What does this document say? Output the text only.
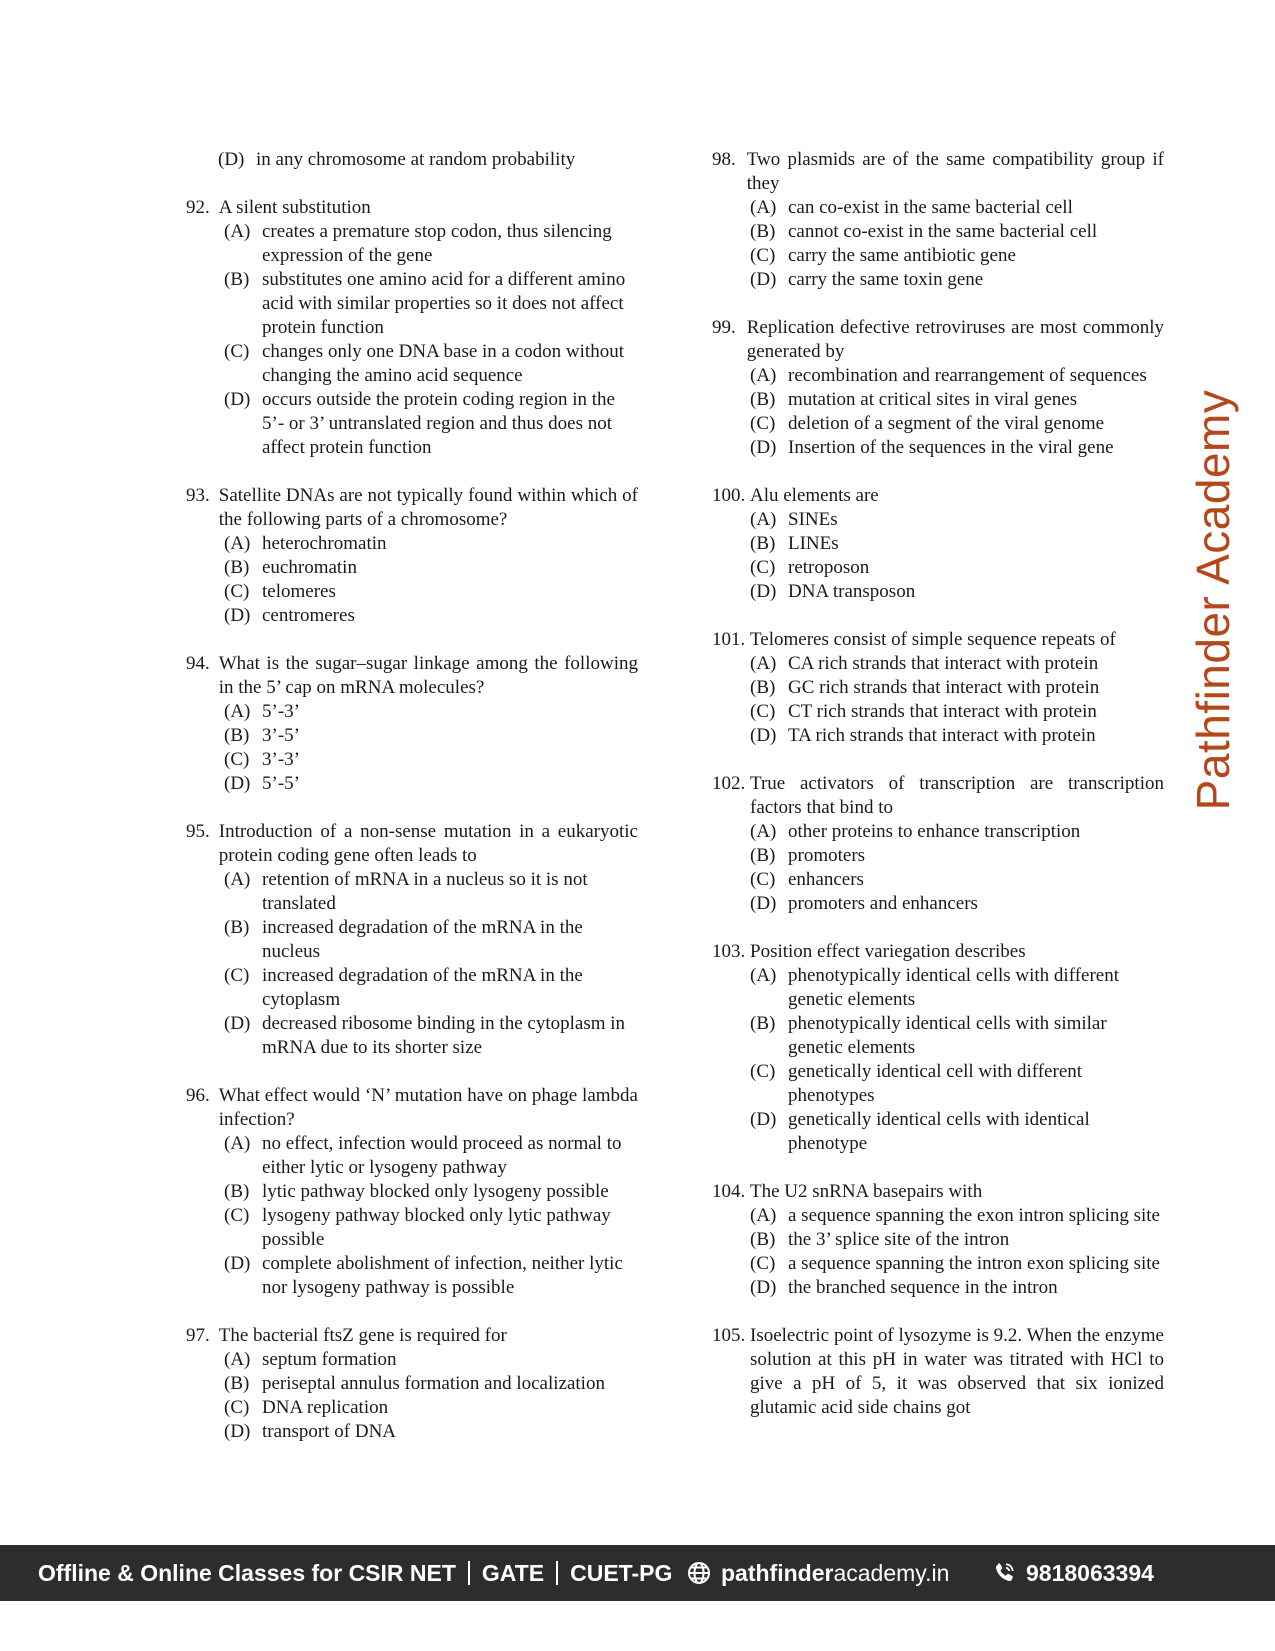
(D) in any chromosome at random probability
92.
A silent substitution
(A) creates a premature stop codon, thus silencing expression of the gene
(B) substitutes one amino acid for a different amino acid with similar properties so it does not affect protein function
(C) changes only one DNA base in a codon without changing the amino acid sequence
(D) occurs outside the protein coding region in the 5’- or 3’ untranslated region and thus does not affect protein function
93.
Satellite DNAs are not typically found within which of the following parts of a chromosome?
(A) heterochromatin
(B) euchromatin
(C) telomeres
(D) centromeres
94.
What is the sugar–sugar linkage among the following in the 5’ cap on mRNA molecules?
(A) 5’-3’
(B) 3’-5’
(C) 3’-3’
(D) 5’-5’
95.
Introduction of a non-sense mutation in a eukaryotic protein coding gene often leads to
(A) retention of mRNA in a nucleus so it is not translated
(B) increased degradation of the mRNA in the nucleus
(C) increased degradation of the mRNA in the cytoplasm
(D) decreased ribosome binding in the cytoplasm in mRNA due to its shorter size
96.
What effect would ‘N’ mutation have on phage lambda infection?
(A) no effect, infection would proceed as normal to either lytic or lysogeny pathway
(B) lytic pathway blocked only lysogeny possible
(C) lysogeny pathway blocked only lytic pathway possible
(D) complete abolishment of infection, neither lytic nor lysogeny pathway is possible
97.
The bacterial ftsZ gene is required for
(A) septum formation
(B) periseptal annulus formation and localization
(C) DNA replication
(D) transport of DNA
98.
Two plasmids are of the same compatibility group if they
(A) can co-exist in the same bacterial cell
(B) cannot co-exist in the same bacterial cell
(C) carry the same antibiotic gene
(D) carry the same toxin gene
99.
Replication defective retroviruses are most commonly generated by
(A) recombination and rearrangement of sequences
(B) mutation at critical sites in viral genes
(C) deletion of a segment of the viral genome
(D) Insertion of the sequences in the viral gene
100.
Alu elements are
(A) SINEs
(B) LINEs
(C) retroposon
(D) DNA transposon
101.
Telomeres consist of simple sequence repeats of
(A) CA rich strands that interact with protein
(B) GC rich strands that interact with protein
(C) CT rich strands that interact with protein
(D) TA rich strands that interact with protein
102.
True activators of transcription are transcription factors that bind to
(A) other proteins to enhance transcription
(B) promoters
(C) enhancers
(D) promoters and enhancers
103.
Position effect variegation describes
(A) phenotypically identical cells with different genetic elements
(B) phenotypically identical cells with similar genetic elements
(C) genetically identical cell with different phenotypes
(D) genetically identical cells with identical phenotype
104.
The U2 snRNA basepairs with
(A) a sequence spanning the exon intron splicing site
(B) the 3’ splice site of the intron
(C) a sequence spanning the intron exon splicing site
(D) the branched sequence in the intron
105.
Isoelectric point of lysozyme is 9.2. When the enzyme solution at this pH in water was titrated with HCl to give a pH of 5, it was observed that six ionized glutamic acid side chains got
Pathfinder Academy
Offline & Online Classes for CSIR NET GATE CUET-PG pathfinder academy.in	9818063394
